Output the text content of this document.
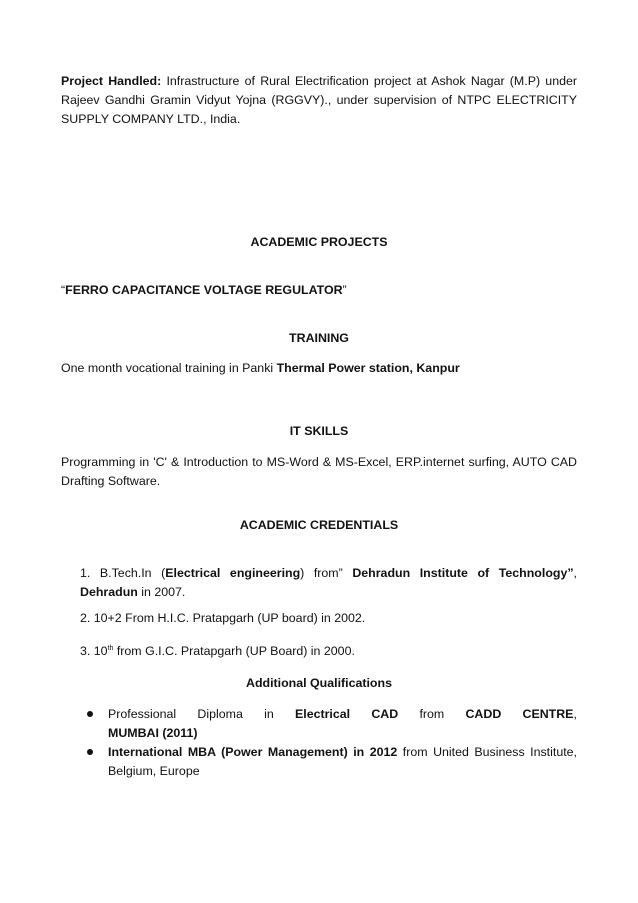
Project Handled: Infrastructure of Rural Electrification project at Ashok Nagar (M.P) under Rajeev Gandhi Gramin Vidyut Yojna (RGGVY)., under supervision of NTPC ELECTRICITY SUPPLY COMPANY LTD., India.
ACADEMIC PROJECTS
“FERRO CAPACITANCE VOLTAGE REGULATOR”
TRAINING
One month vocational training in Panki Thermal Power station, Kanpur
IT SKILLS
Programming in 'C' & Introduction to MS-Word & MS-Excel, ERP.internet surfing, AUTO CAD Drafting Software.
ACADEMIC CREDENTIALS
1. B.Tech.In (Electrical engineering) from” Dehradun Institute of Technology”, Dehradun in 2007.
2. 10+2 From H.I.C. Pratapgarh (UP board) in 2002.
3. 10th from G.I.C. Pratapgarh (UP Board) in 2000.
Additional Qualifications
Professional Diploma in Electrical CAD from CADD CENTRE,
MUMBAI (2011)
International MBA (Power Management) in 2012 from United Business Institute, Belgium, Europe
